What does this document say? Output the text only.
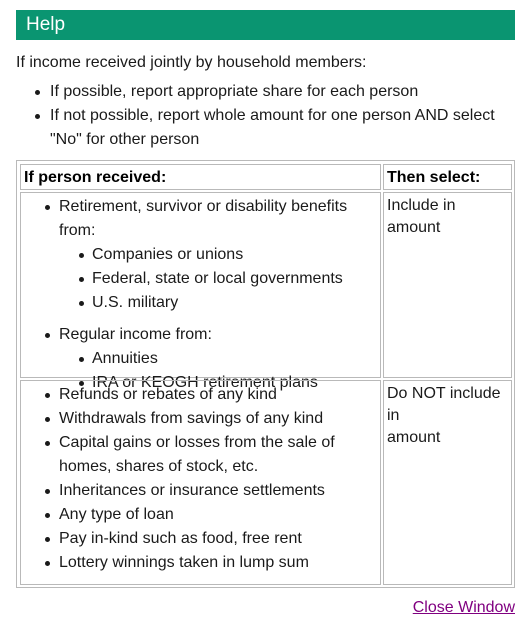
Help
If income received jointly by household members:
If possible, report appropriate share for each person
If not possible, report whole amount for one person AND select
"No" for other person
If person received:	Then select:
Retirement, survivor or disability benefits from:
Companies or unions
Federal, state or local governments
U.S. military
Regular income from:
Annuities
IRA or KEOGH retirement plans
Include in amount
Refunds or rebates of any kind
Withdrawals from savings of any kind
Capital gains or losses from the sale of
homes, shares of stock, etc.
Inheritances or insurance settlements
Any type of loan
Pay in-kind such as food, free rent
Lottery winnings taken in lump sum
Do NOT include in
amount
Close Window
